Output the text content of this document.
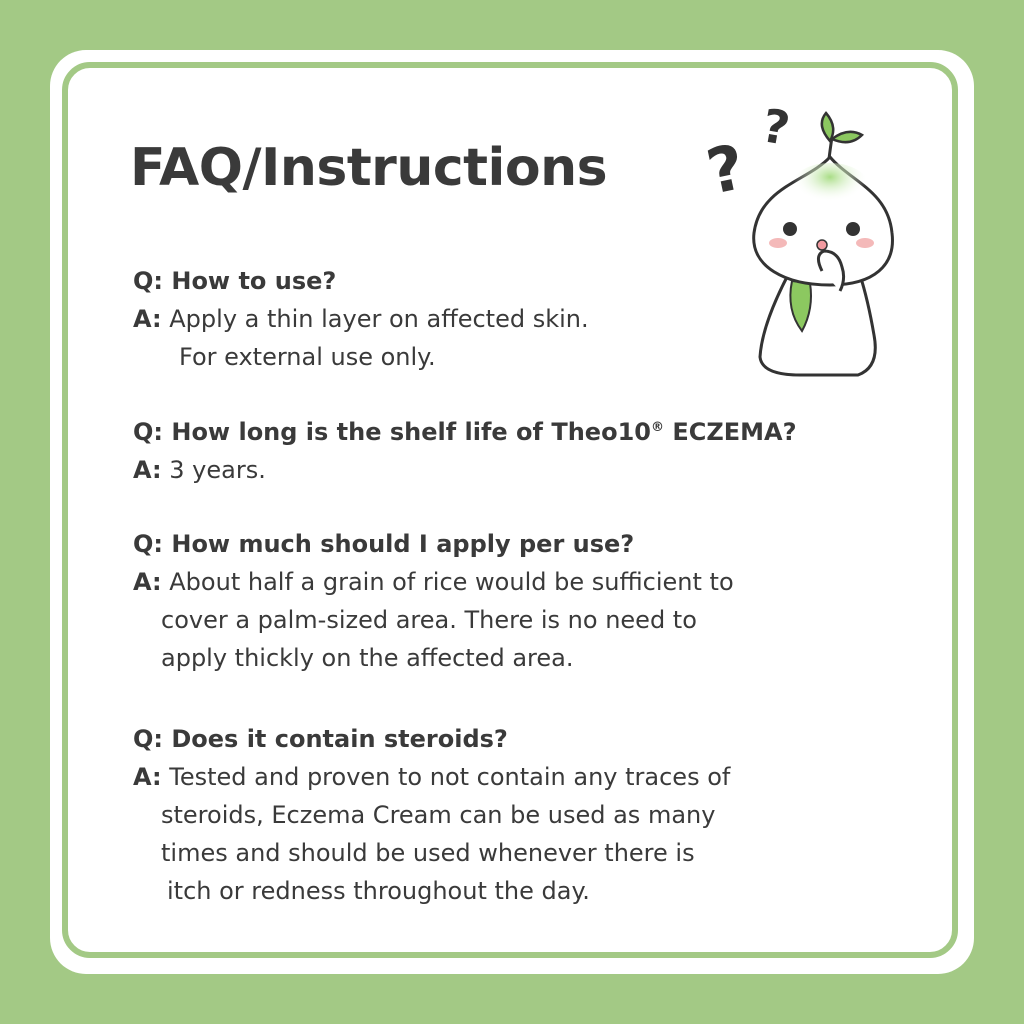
FAQ/Instructions ?
?
Q: How to use?
A: Apply a thin layer on affected skin.
For external use only.
Q: How long is the shelf life of Theo10® ECZEMA?
A: 3 years.
Q: How much should I apply per use?
A: About half a grain of rice would be sufficient to
cover a palm-sized area. There is no need to
apply thickly on the affected area.
Q: Does it contain steroids?
A: Tested and proven to not contain any traces of
steroids, Eczema Cream can be used as many
times and should be used whenever there is
itch or redness throughout the day.
